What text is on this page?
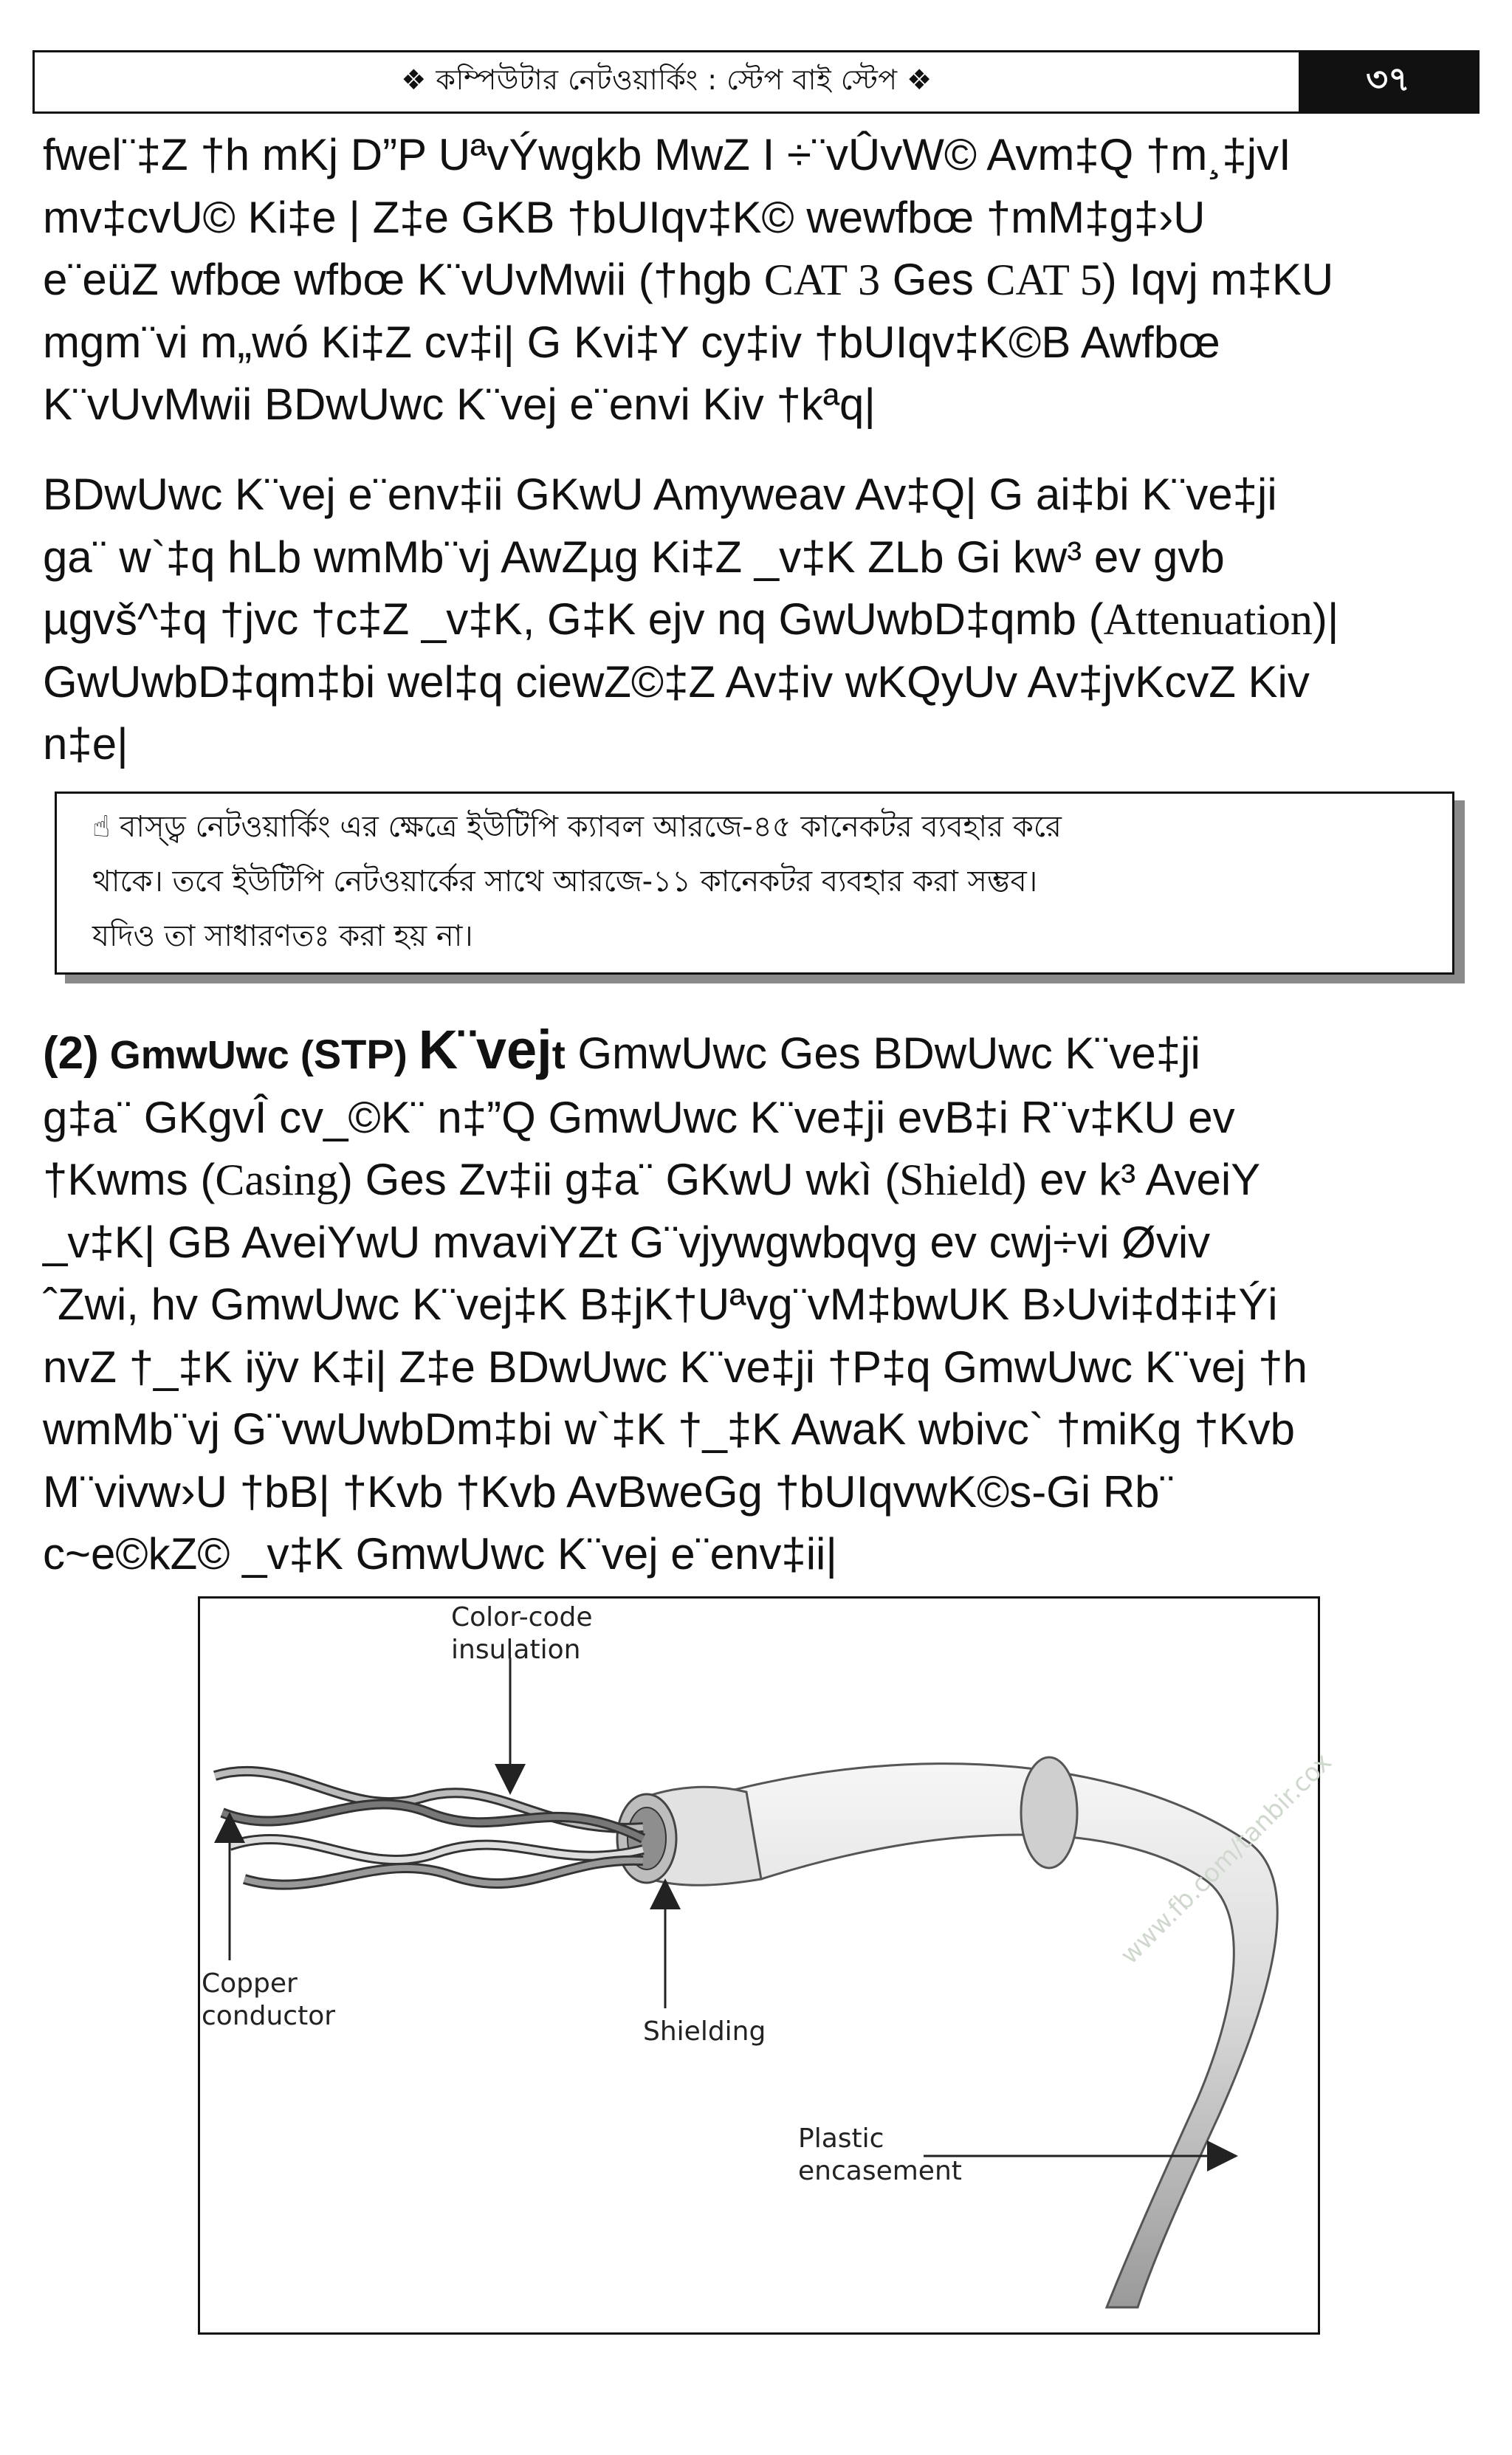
❖ কম্পিউটার নেটওয়ার্কিং : স্টেপ বাই স্টেপ ❖	৩৭

fwel¨‡Z †h mKj D”P UªvÝwgkb MwZ I ÷¨vÛvW© Avm‡Q †m¸‡jvI

mv‡cvU© Ki‡e | Z‡e GKB †bUIqv‡K© wewfbœ †mM‡g‡›U

e¨eüZ wfbœ wfbœ K¨vUvMwii (†hgb CAT 3 Ges CAT 5) Iqvj m‡KU

mgm¨vi m„wó Ki‡Z cv‡i| G Kvi‡Y cy‡iv †bUIqv‡K©B Awfbœ

K¨vUvMwii BDwUwc K¨vej e¨envi Kiv †kªq|

BDwUwc K¨vej e¨env‡ii GKwU Amyweav Av‡Q| G ai‡bi K¨ve‡ji

ga¨ w`‡q hLb wmMb¨vj AwZµg Ki‡Z _v‡K ZLb Gi kw³ ev gvb

µgvš^‡q †jvc †c‡Z _v‡K, G‡K ejv nq GwUwbD‡qmb (Attenuation)|

GwUwbD‡qm‡bi wel‡q ciewZ©‡Z Av‡iv wKQyUv Av‡jvKcvZ Kiv

n‡e|

☝ বাস্ড্ব নেটওয়ার্কিং এর ক্ষেত্রে ইউটিপি ক্যাবল আরজে-৪৫ কানেকটর ব্যবহার করে

থাকে। তবে ইউটিপি নেটওয়ার্কের সাথে আরজে-১১ কানেকটর ব্যবহার করা সম্ভব।

যদিও তা সাধারণতঃ করা হয় না।

(2) GmwUwc (STP) K¨vejt GmwUwc Ges BDwUwc K¨ve‡ji

g‡a¨ GKgvÎ cv_©K¨ n‡”Q GmwUwc K¨ve‡ji evB‡i R¨v‡KU ev

†Kwms (Casing) Ges Zv‡ii g‡a¨ GKwU wkì (Shield) ev k³ AveiY

_v‡K| GB AveiYwU mvaviYZt G¨vjywgwbqvg ev cwj÷vi Øviv

ˆZwi, hv GmwUwc K¨vej‡K B‡jK†Uªvg¨vM‡bwUK B›Uvi‡d‡i‡Ýi

nvZ †_‡K iÿv K‡i| Z‡e BDwUwc K¨ve‡ji †P‡q GmwUwc K¨vej †h

wmMb¨vj G¨vwUwbDm‡bi w`‡K †_‡K AwaK wbivc` †miKg †Kvb

M¨vivw›U †bB| †Kvb †Kvb AvBweGg †bUIqvwK©s-Gi Rb¨

c~e©kZ© _v‡K GmwUwc K¨vej e¨env‡ii|

Color-code
insulation
Copper
conductor
Shielding
Plastic
encasement
www.fb.com/tanbir.cox
